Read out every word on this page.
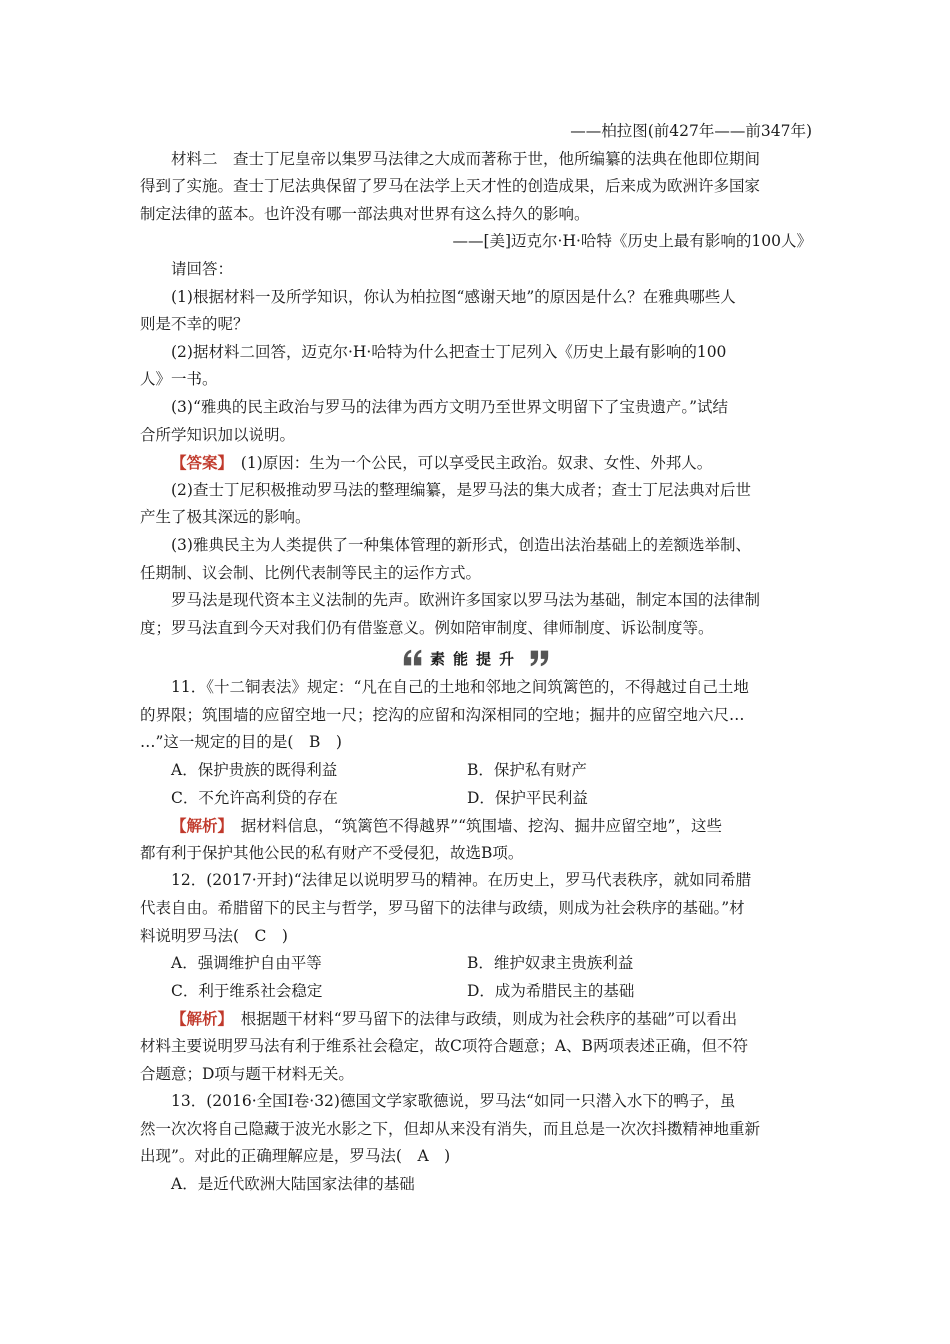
——柏拉图(前427年——前347年)
材料二　查士丁尼皇帝以集罗马法律之大成而著称于世，他所编纂的法典在他即位期间
得到了实施。查士丁尼法典保留了罗马在法学上天才性的创造成果，后来成为欧洲许多国家
制定法律的蓝本。也许没有哪一部法典对世界有这么持久的影响。
——[美]迈克尔·H·哈特《历史上最有影响的100人》
请回答：
(1)根据材料一及所学知识，你认为柏拉图“感谢天地”的原因是什么？在雅典哪些人
则是不幸的呢？
(2)据材料二回答，迈克尔·H·哈特为什么把查士丁尼列入《历史上最有影响的100
人》一书。
(3)“雅典的民主政治与罗马的法律为西方文明乃至世界文明留下了宝贵遗产。”试结
合所学知识加以说明。
【答案】　(1)原因：生为一个公民，可以享受民主政治。奴隶、女性、外邦人。
(2)查士丁尼积极推动罗马法的整理编纂，是罗马法的集大成者；查士丁尼法典对后世
产生了极其深远的影响。
(3)雅典民主为人类提供了一种集体管理的新形式，创造出法治基础上的差额选举制、
任期制、议会制、比例代表制等民主的运作方式。
罗马法是现代资本主义法制的先声。欧洲许多国家以罗马法为基础，制定本国的法律制
度；罗马法直到今天对我们仍有借鉴意义。例如陪审制度、律师制度、诉讼制度等。
素能提升
11．《十二铜表法》规定：“凡在自己的土地和邻地之间筑篱笆的，不得越过自己土地
的界限；筑围墙的应留空地一尺；挖沟的应留和沟深相同的空地；掘井的应留空地六尺…
…”这一规定的目的是(　B　)
A．保护贵族的既得利益	B．保护私有财产
C．不允许高利贷的存在	D．保护平民利益
【解析】　据材料信息，“筑篱笆不得越界”“筑围墙、挖沟、掘井应留空地”，这些
都有利于保护其他公民的私有财产不受侵犯，故选B项。
12．(2017·开封)“法律足以说明罗马的精神。在历史上，罗马代表秩序，就如同希腊
代表自由。希腊留下的民主与哲学，罗马留下的法律与政绩，则成为社会秩序的基础。”材
料说明罗马法(　C　)
A．强调维护自由平等	B．维护奴隶主贵族利益
C．利于维系社会稳定	D．成为希腊民主的基础
【解析】　根据题干材料“罗马留下的法律与政绩，则成为社会秩序的基础”可以看出
材料主要说明罗马法有利于维系社会稳定，故C项符合题意；A、B两项表述正确，但不符
合题意；D项与题干材料无关。
13．(2016·全国Ⅰ卷·32)德国文学家歌德说，罗马法“如同一只潜入水下的鸭子，虽
然一次次将自己隐藏于波光水影之下，但却从来没有消失，而且总是一次次抖擞精神地重新
出现”。对此的正确理解应是，罗马法(　A　)
A．是近代欧洲大陆国家法律的基础
